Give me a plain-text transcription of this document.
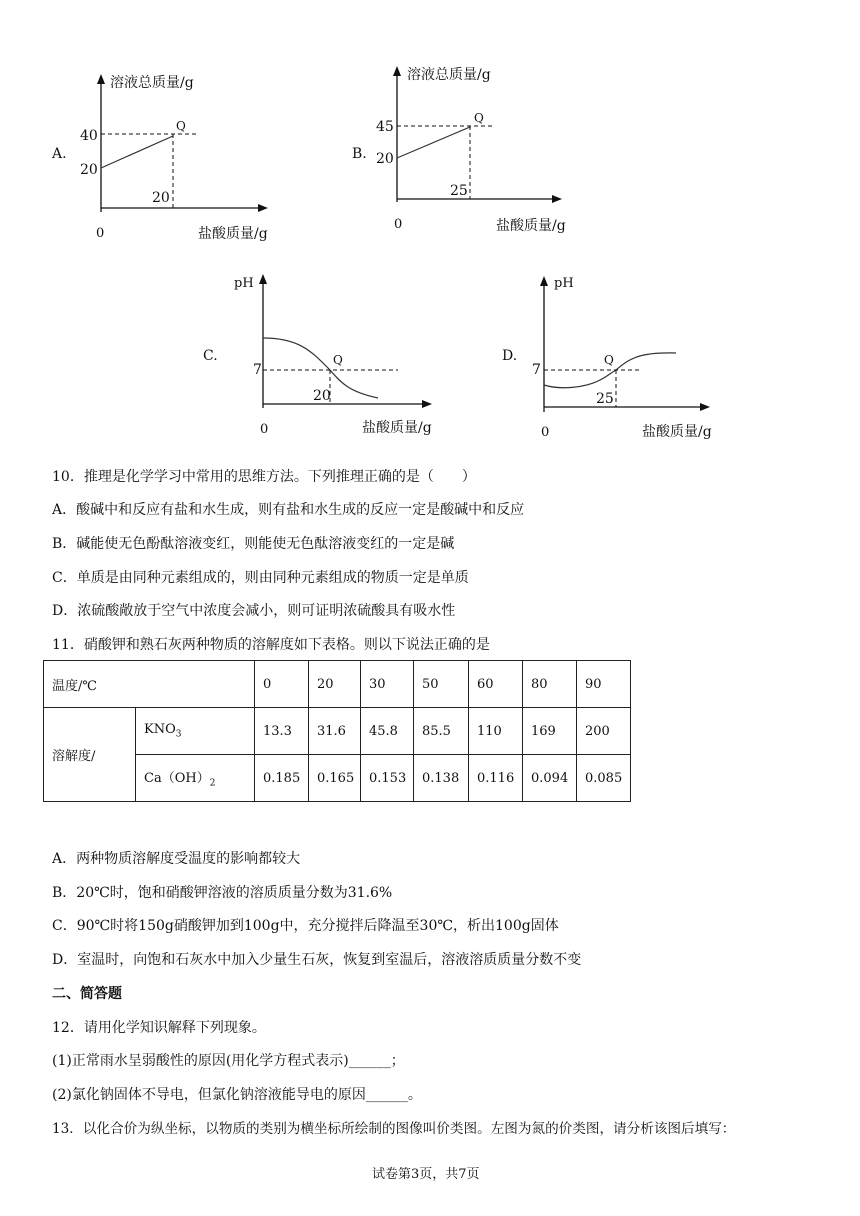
A.
溶液总质量/g
40
20
20
Q
0	盐酸质量/g
溶液总质量/g
45
20
25
Q
0	盐酸质量/g
pH
7
20
Q
0	盐酸质量/g
pH
7
25
Q
0	盐酸质量/g
B.
C.	D.
10．推理是化学学习中常用的思维方法。下列推理正确的是（　　）
A．酸碱中和反应有盐和水生成，则有盐和水生成的反应一定是酸碱中和反应
B．碱能使无色酚酞溶液变红，则能使无色酞溶液变红的一定是碱
C．单质是由同种元素组成的，则由同种元素组成的物质一定是单质
D．浓硫酸敞放于空气中浓度会减小，则可证明浓硫酸具有吸水性
11．硝酸钾和熟石灰两种物质的溶解度如下表格。则以下说法正确的是
温度/℃		0	20	30	50	60	80	90
溶解度/	$KNO_3$	13.3	31.6	45.8	85.5	110	169	200
	$Ca(OH)_2$	0.185	0.165	0.153	0.138	0.116	0.094	0.085
A．两种物质溶解度受温度的影响都较大
B．20℃时，饱和硝酸钾溶液的溶质质量分数为31.6%
C．90℃时将150g硝酸钾加到100g中，充分搅拌后降温至30℃，析出100g固体
D．室温时，向饱和石灰水中加入少量生石灰，恢复到室温后，溶液溶质质量分数不变
二、简答题
12．请用化学知识解释下列现象。
(1)正常雨水呈弱酸性的原因(用化学方程式表示)______；
(2)氯化钠固体不导电，但氯化钠溶液能导电的原因______。
13．以化合价为纵坐标，以物质的类别为横坐标所绘制的图像叫价类图。左图为氮的价类图，请分析该图后填写：
试卷第3页，共7页
